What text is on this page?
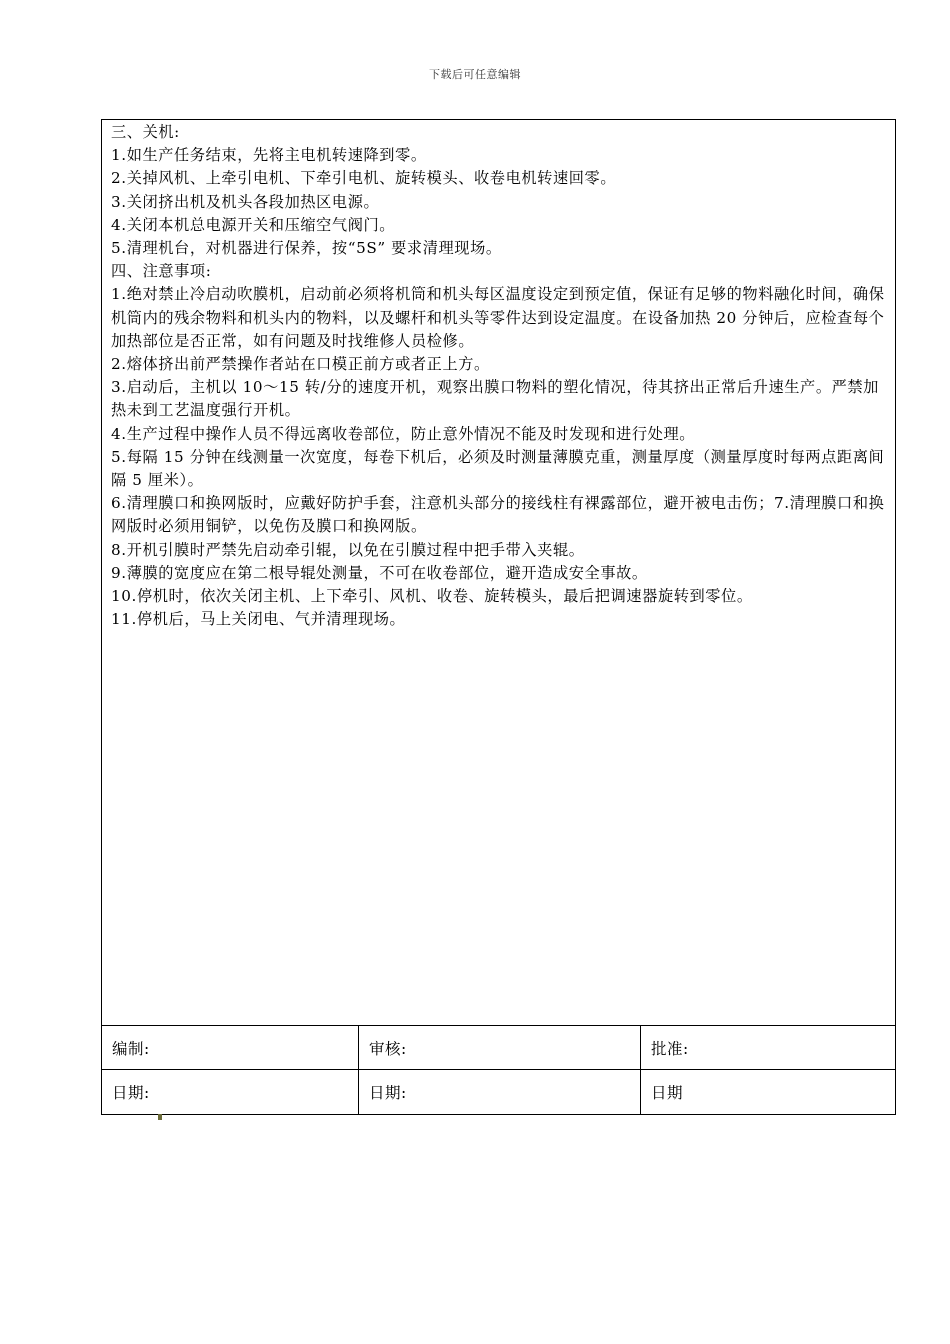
下载后可任意编辑

三、关机:

1.如生产任务结束，先将主电机转速降到零。

2.关掉风机、上牵引电机、下牵引电机、旋转模头、收卷电机转速回零。

3.关闭挤出机及机头各段加热区电源。

4.关闭本机总电源开关和压缩空气阀门。

5.清理机台，对机器进行保养，按“5S” 要求清理现场。

四、注意事项:

1.绝对禁止冷启动吹膜机，启动前必须将机筒和机头每区温度设定到预定值，保证有足够的物料融化时间，确保机筒内的残余物料和机头内的物料，以及螺杆和机头等零件达到设定温度。在设备加热 20 分钟后，应检查每个加热部位是否正常，如有问题及时找维修人员检修。

2.熔体挤出前严禁操作者站在口模正前方或者正上方。

3.启动后，主机以 10～15 转/分的速度开机，观察出膜口物料的塑化情况，待其挤出正常后升速生产。严禁加热未到工艺温度强行开机。

4.生产过程中操作人员不得远离收卷部位，防止意外情况不能及时发现和进行处理。

5.每隔 15 分钟在线测量一次宽度，每卷下机后，必须及时测量薄膜克重，测量厚度（测量厚度时每两点距离间隔 5 厘米）。

6.清理膜口和换网版时，应戴好防护手套，注意机头部分的接线柱有裸露部位，避开被电击伤；7.清理膜口和换网版时必须用铜铲，以免伤及膜口和换网版。

8.开机引膜时严禁先启动牵引辊，以免在引膜过程中把手带入夹辊。

9.薄膜的宽度应在第二根导辊处测量，不可在收卷部位，避开造成安全事故。

10.停机时，依次关闭主机、上下牵引、风机、收卷、旋转模头，最后把调速器旋转到零位。

11.停机后，马上关闭电、气并清理现场。

编制:	审核:	批准:
日期:	日期:	日期
